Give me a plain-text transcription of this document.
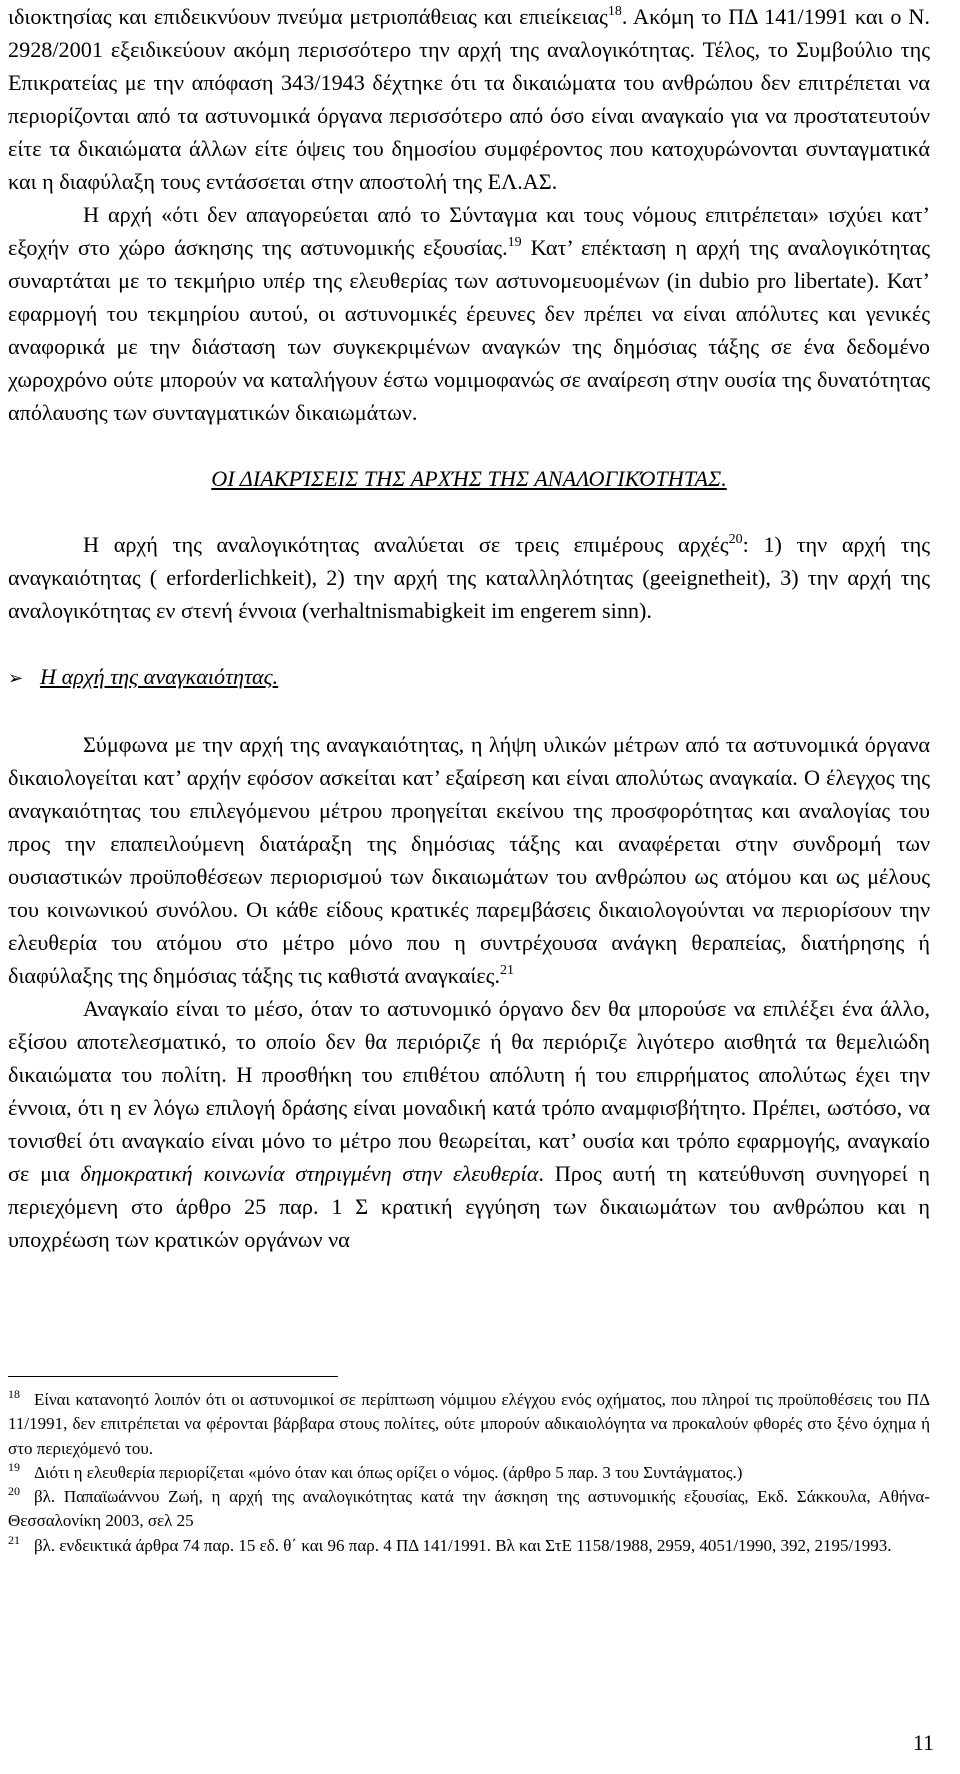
ιδιοκτησίας και επιδεικνύουν πνεύμα μετριοπάθειας και επιείκειας$^{18}$. Ακόμη το ΠΔ 141/1991 και ο Ν. 2928/2001 εξειδικεύουν ακόμη περισσότερο την αρχή της αναλογικότητας. Τέλος, το Συμβούλιο της Επικρατείας με την απόφαση 343/1943 δέχτηκε ότι τα δικαιώματα του ανθρώπου δεν επιτρέπεται να περιορίζονται από τα αστυνομικά όργανα περισσότερο από όσο είναι αναγκαίο για να προστατευτούν είτε τα δικαιώματα άλλων είτε όψεις του δημοσίου συμφέροντος που κατοχυρώνονται συνταγματικά και η διαφύλαξη τους εντάσσεται στην αποστολή της ΕΛ.ΑΣ.

Η αρχή «ότι δεν απαγορεύεται από το Σύνταγμα και τους νόμους επιτρέπεται» ισχύει κατ’ εξοχήν στο χώρο άσκησης της αστυνομικής εξουσίας.$^{19}$ Κατ’ επέκταση η αρχή της αναλογικότητας συναρτάται με το τεκμήριο υπέρ της ελευθερίας των αστυνομευομένων (in dubio pro libertate). Κατ’ εφαρμογή του τεκμηρίου αυτού, οι αστυνομικές έρευνες δεν πρέπει να είναι απόλυτες και γενικές αναφορικά με την διάσταση των συγκεκριμένων αναγκών της δημόσιας τάξης σε ένα δεδομένο χωροχρόνο ούτε μπορούν να καταλήγουν έστω νομιμοφανώς σε αναίρεση στην ουσία της δυνατότητας απόλαυσης των συνταγματικών δικαιωμάτων.

ΟΙ ΔΙΑΚΡΊΣΕΙΣ ΤΗΣ ΑΡΧΉΣ ΤΗΣ ΑΝΑΛΟΓΙΚΌΤΗΤΑΣ.

Η αρχή της αναλογικότητας αναλύεται σε τρεις επιμέρους αρχές$^{20}$: 1) την αρχή της αναγκαιότητας ( erforderlichkeit), 2) την αρχή της καταλληλότητας (geeignetheit), 3) την αρχή της αναλογικότητας εν στενή έννοια (verhaltnismabigkeit im engerem sinn).

➢ Η αρχή της αναγκαιότητας.

Σύμφωνα με την αρχή της αναγκαιότητας, η λήψη υλικών μέτρων από τα αστυνομικά όργανα δικαιολογείται κατ’ αρχήν εφόσον ασκείται κατ’ εξαίρεση και είναι απολύτως αναγκαία. Ο έλεγχος της αναγκαιότητας του επιλεγόμενου μέτρου προηγείται εκείνου της προσφορότητας και αναλογίας του προς την επαπειλούμενη διατάραξη της δημόσιας τάξης και αναφέρεται στην συνδρομή των ουσιαστικών προϋποθέσεων περιορισμού των δικαιωμάτων του ανθρώπου ως ατόμου και ως μέλους του κοινωνικού συνόλου. Οι κάθε είδους κρατικές παρεμβάσεις δικαιολογούνται να περιορίσουν την ελευθερία του ατόμου στο μέτρο μόνο που η συντρέχουσα ανάγκη θεραπείας, διατήρησης ή διαφύλαξης της δημόσιας τάξης τις καθιστά αναγκαίες.$^{21}$

Αναγκαίο είναι το μέσο, όταν το αστυνομικό όργανο δεν θα μπορούσε να επιλέξει ένα άλλο, εξίσου αποτελεσματικό, το οποίο δεν θα περιόριζε ή θα περιόριζε λιγότερο αισθητά τα θεμελιώδη δικαιώματα του πολίτη. Η προσθήκη του επιθέτου απόλυτη ή του επιρρήματος απολύτως έχει την έννοια, ότι η εν λόγω επιλογή δράσης είναι μοναδική κατά τρόπο αναμφισβήτητο. Πρέπει, ωστόσο, να τονισθεί ότι αναγκαίο είναι μόνο το μέτρο που θεωρείται, κατ’ ουσία και τρόπο εφαρμογής, αναγκαίο σε μια δημοκρατική κοινωνία στηριγμένη στην ελευθερία. Προς αυτή τη κατεύθυνση συνηγορεί η περιεχόμενη στο άρθρο 25 παρ. 1 Σ κρατική εγγύηση των δικαιωμάτων του ανθρώπου και η υποχρέωση των κρατικών οργάνων να

$^{18}$ Είναι κατανοητό λοιπόν ότι οι αστυνομικοί σε περίπτωση νόμιμου ελέγχου ενός οχήματος, που πληροί τις προϋποθέσεις του ΠΔ 11/1991, δεν επιτρέπεται να φέρονται βάρβαρα στους πολίτες, ούτε μπορούν αδικαιολόγητα να προκαλούν φθορές στο ξένο όχημα ή στο περιεχόμενό του.

$^{19}$ Διότι η ελευθερία περιορίζεται «μόνο όταν και όπως ορίζει ο νόμος. (άρθρο 5 παρ. 3 του Συντάγματος.)

$^{20}$ βλ. Παπαϊωάννου Ζωή, η αρχή της αναλογικότητας κατά την άσκηση της αστυνομικής εξουσίας, Εκδ. Σάκκουλα, Αθήνα- Θεσσαλονίκη 2003, σελ 25

$^{21}$ βλ. ενδεικτικά άρθρα 74 παρ. 15 εδ. θ΄ και 96 παρ. 4 ΠΔ 141/1991. Βλ και ΣτΕ 1158/1988, 2959, 4051/1990, 392, 2195/1993.

11
